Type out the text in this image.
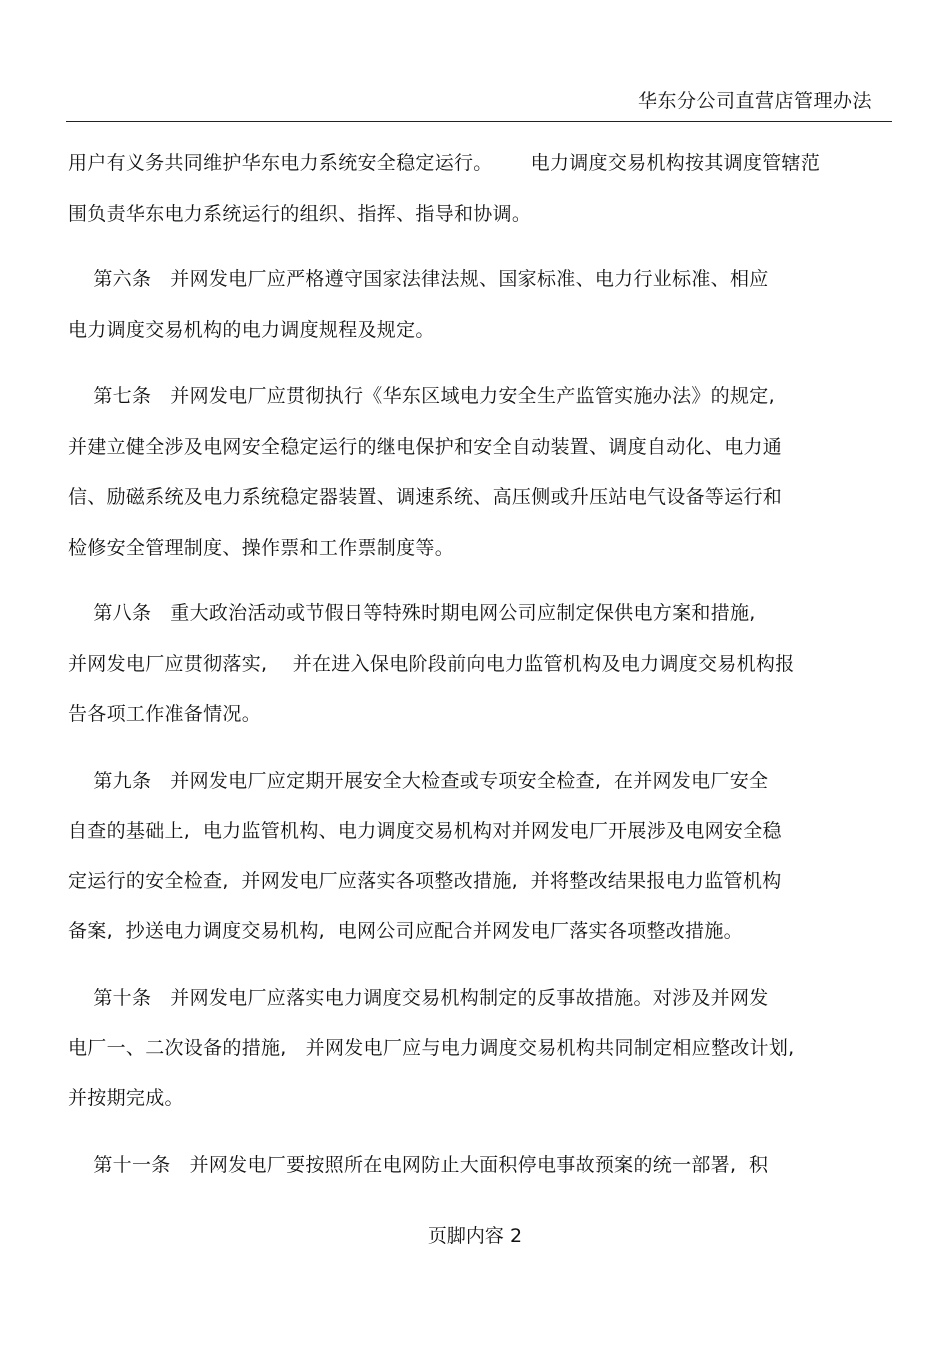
华东分公司直营店管理办法
用户有义务共同维护华东电力系统安全稳定运行。      电力调度交易机构按其调度管辖范
围负责华东电力系统运行的组织、指挥、指导和协调。
第六条   并网发电厂应严格遵守国家法律法规、国家标准、电力行业标准、相应
电力调度交易机构的电力调度规程及规定。
第七条   并网发电厂应贯彻执行《华东区域电力安全生产监管实施办法》的规定,
并建立健全涉及电网安全稳定运行的继电保护和安全自动装置、调度自动化、电力通
信、励磁系统及电力系统稳定器装置、调速系统、高压侧或升压站电气设备等运行和
检修安全管理制度、操作票和工作票制度等。
第八条   重大政治活动或节假日等特殊时期电网公司应制定保供电方案和措施,
并网发电厂应贯彻落实,    并在进入保电阶段前向电力监管机构及电力调度交易机构报
告各项工作准备情况。
第九条   并网发电厂应定期开展安全大检查或专项安全检查,  在并网发电厂安全
自查的基础上,  电力监管机构、电力调度交易机构对并网发电厂开展涉及电网安全稳
定运行的安全检查,  并网发电厂应落实各项整改措施,  并将整改结果报电力监管机构
备案,  抄送电力调度交易机构,  电网公司应配合并网发电厂落实各项整改措施。
第十条   并网发电厂应落实电力调度交易机构制定的反事故措施。对涉及并网发
电厂一、二次设备的措施,   并网发电厂应与电力调度交易机构共同制定相应整改计划,
并按期完成。
第十一条   并网发电厂要按照所在电网防止大面积停电事故预案的统一部署,  积
页脚内容 2
